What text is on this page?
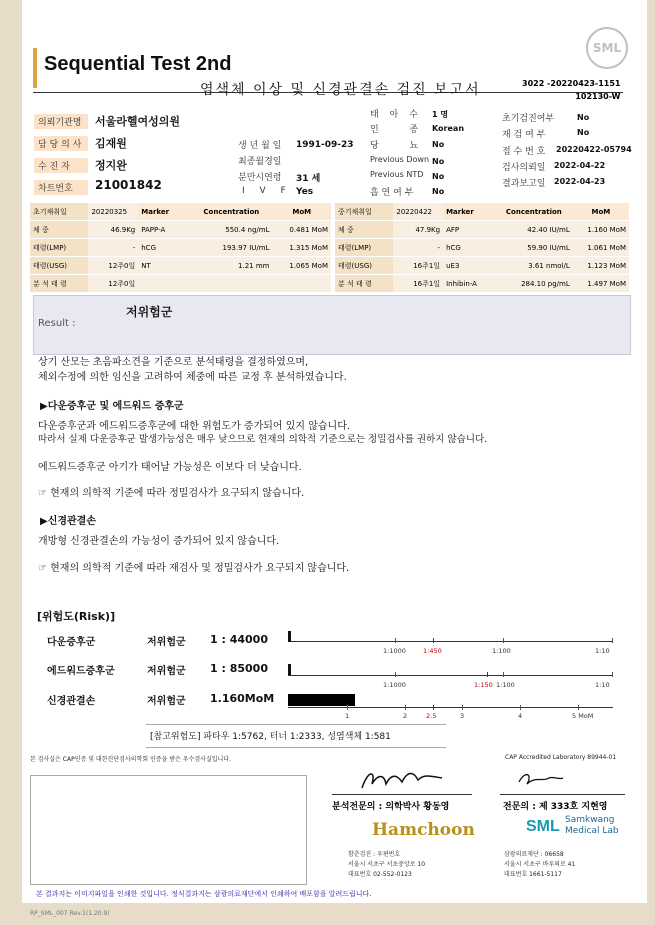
Sequential Test 2nd
염색체 이상 및 신경관결손 검진 보고서	3022 -20220423-1151
102130-W
SML
의뢰기관명	서울라헬여성의원
담 당 의 사	김재원
수 진 자	정지완
차트번호	21001842
생 년 월 일 1991-09-23
최종월경일
분만시연령 31 세
I V F Yes
태 아 수 1 명
인 종 Korean
당 뇨 No
Previous Down No
Previous NTD No
흡 연 여 부 No
초기검진여부	No
재 검 여 부	No
접 수 번 호 20220422-05794
검사의뢰일 2022-04-22
결과보고일 2022-04-23
초기채취일	20220325	Marker	Concentration	MoM
체 중	46.9Kg	PAPP-A	550.4 ng/mL	0.481 MoM
태령(LMP)	-	hCG	193.97 IU/mL	1.315 MoM
태령(USG)	12주0일	NT	1.21 mm	1.065 MoM
분 석 태 령	12주0일			
중기채취일	20220422	Marker	Concentration	MoM
체 중	47.9Kg	AFP	42.40 IU/mL	1.160 MoM
태령(LMP)	-	hCG	59.90 IU/mL	1.061 MoM
태령(USG)	16주1일	uE3	3.61 nmol/L	1.123 MoM
분 석 태 령	16주1일	Inhibin-A	284.10 pg/mL	1.497 MoM
Result :
저위험군
상기 산모는 초음파소견을 기준으로 분석태령을 결정하였으며,
체외수정에 의한 임신을 고려하여 체중에 따른 교정 후 분석하였습니다.
▶다운증후군 및 에드워드 증후군
다운증후군과 에드워드증후군에 대한 위험도가 증가되어 있지 않습니다.
따라서 실제 다운증후군 발생가능성은 매우 낮으므로 현재의 의학적 기준으로는 정밀검사를 권하지 않습니다.
에드워드증후군 아기가 태어날 가능성은 이보다 더 낮습니다.
☞ 현재의 의학적 기준에 따라 정밀검사가 요구되지 않습니다.
▶신경관결손
개방형 신경관결손의 가능성이 증가되어 있지 않습니다.
☞ 현재의 의학적 기준에 따라 재검사 및 정밀검사가 요구되지 않습니다.
[위험도(Risk)]
다운증후군	저위험군 1 : 44000
1:1000	1:450	1:100	1:10
에드워드증후군	저위험군 1 : 85000
1:1000	1:150 1:100	1:10
신경관결손	저위험군 1.160MoM
1	2	2.5	3	4	5 MoM
[참고위험도] 파타우 1:5762, 터너 1:2333, 성염색체 1:581
본 검사실은 CAP인증 및 대한진단검사의학회 인증을 받은 우수검사실입니다.	CAP Accredited Laboratory 89944-01
분석전문의 : 의학박사 황동영	전문의 : 제 333호 지현영
Hamchoon	SML Samkwang
Medical Lab
함춘검진 : 우편번호
서울시 서초구 서초중앙로 10
대표번호 02-552-0123
삼광의료재단 : 06658
서울시 서초구 바우뫼로 41
대표번호 1661-5117
본 결과지는 이미지파일을 인쇄한 것입니다. 정식결과지는 삼광의료재단에서 인쇄하여 배포함을 알려드립니다.
RP_SML_007 Rev.1(1.20.9)
